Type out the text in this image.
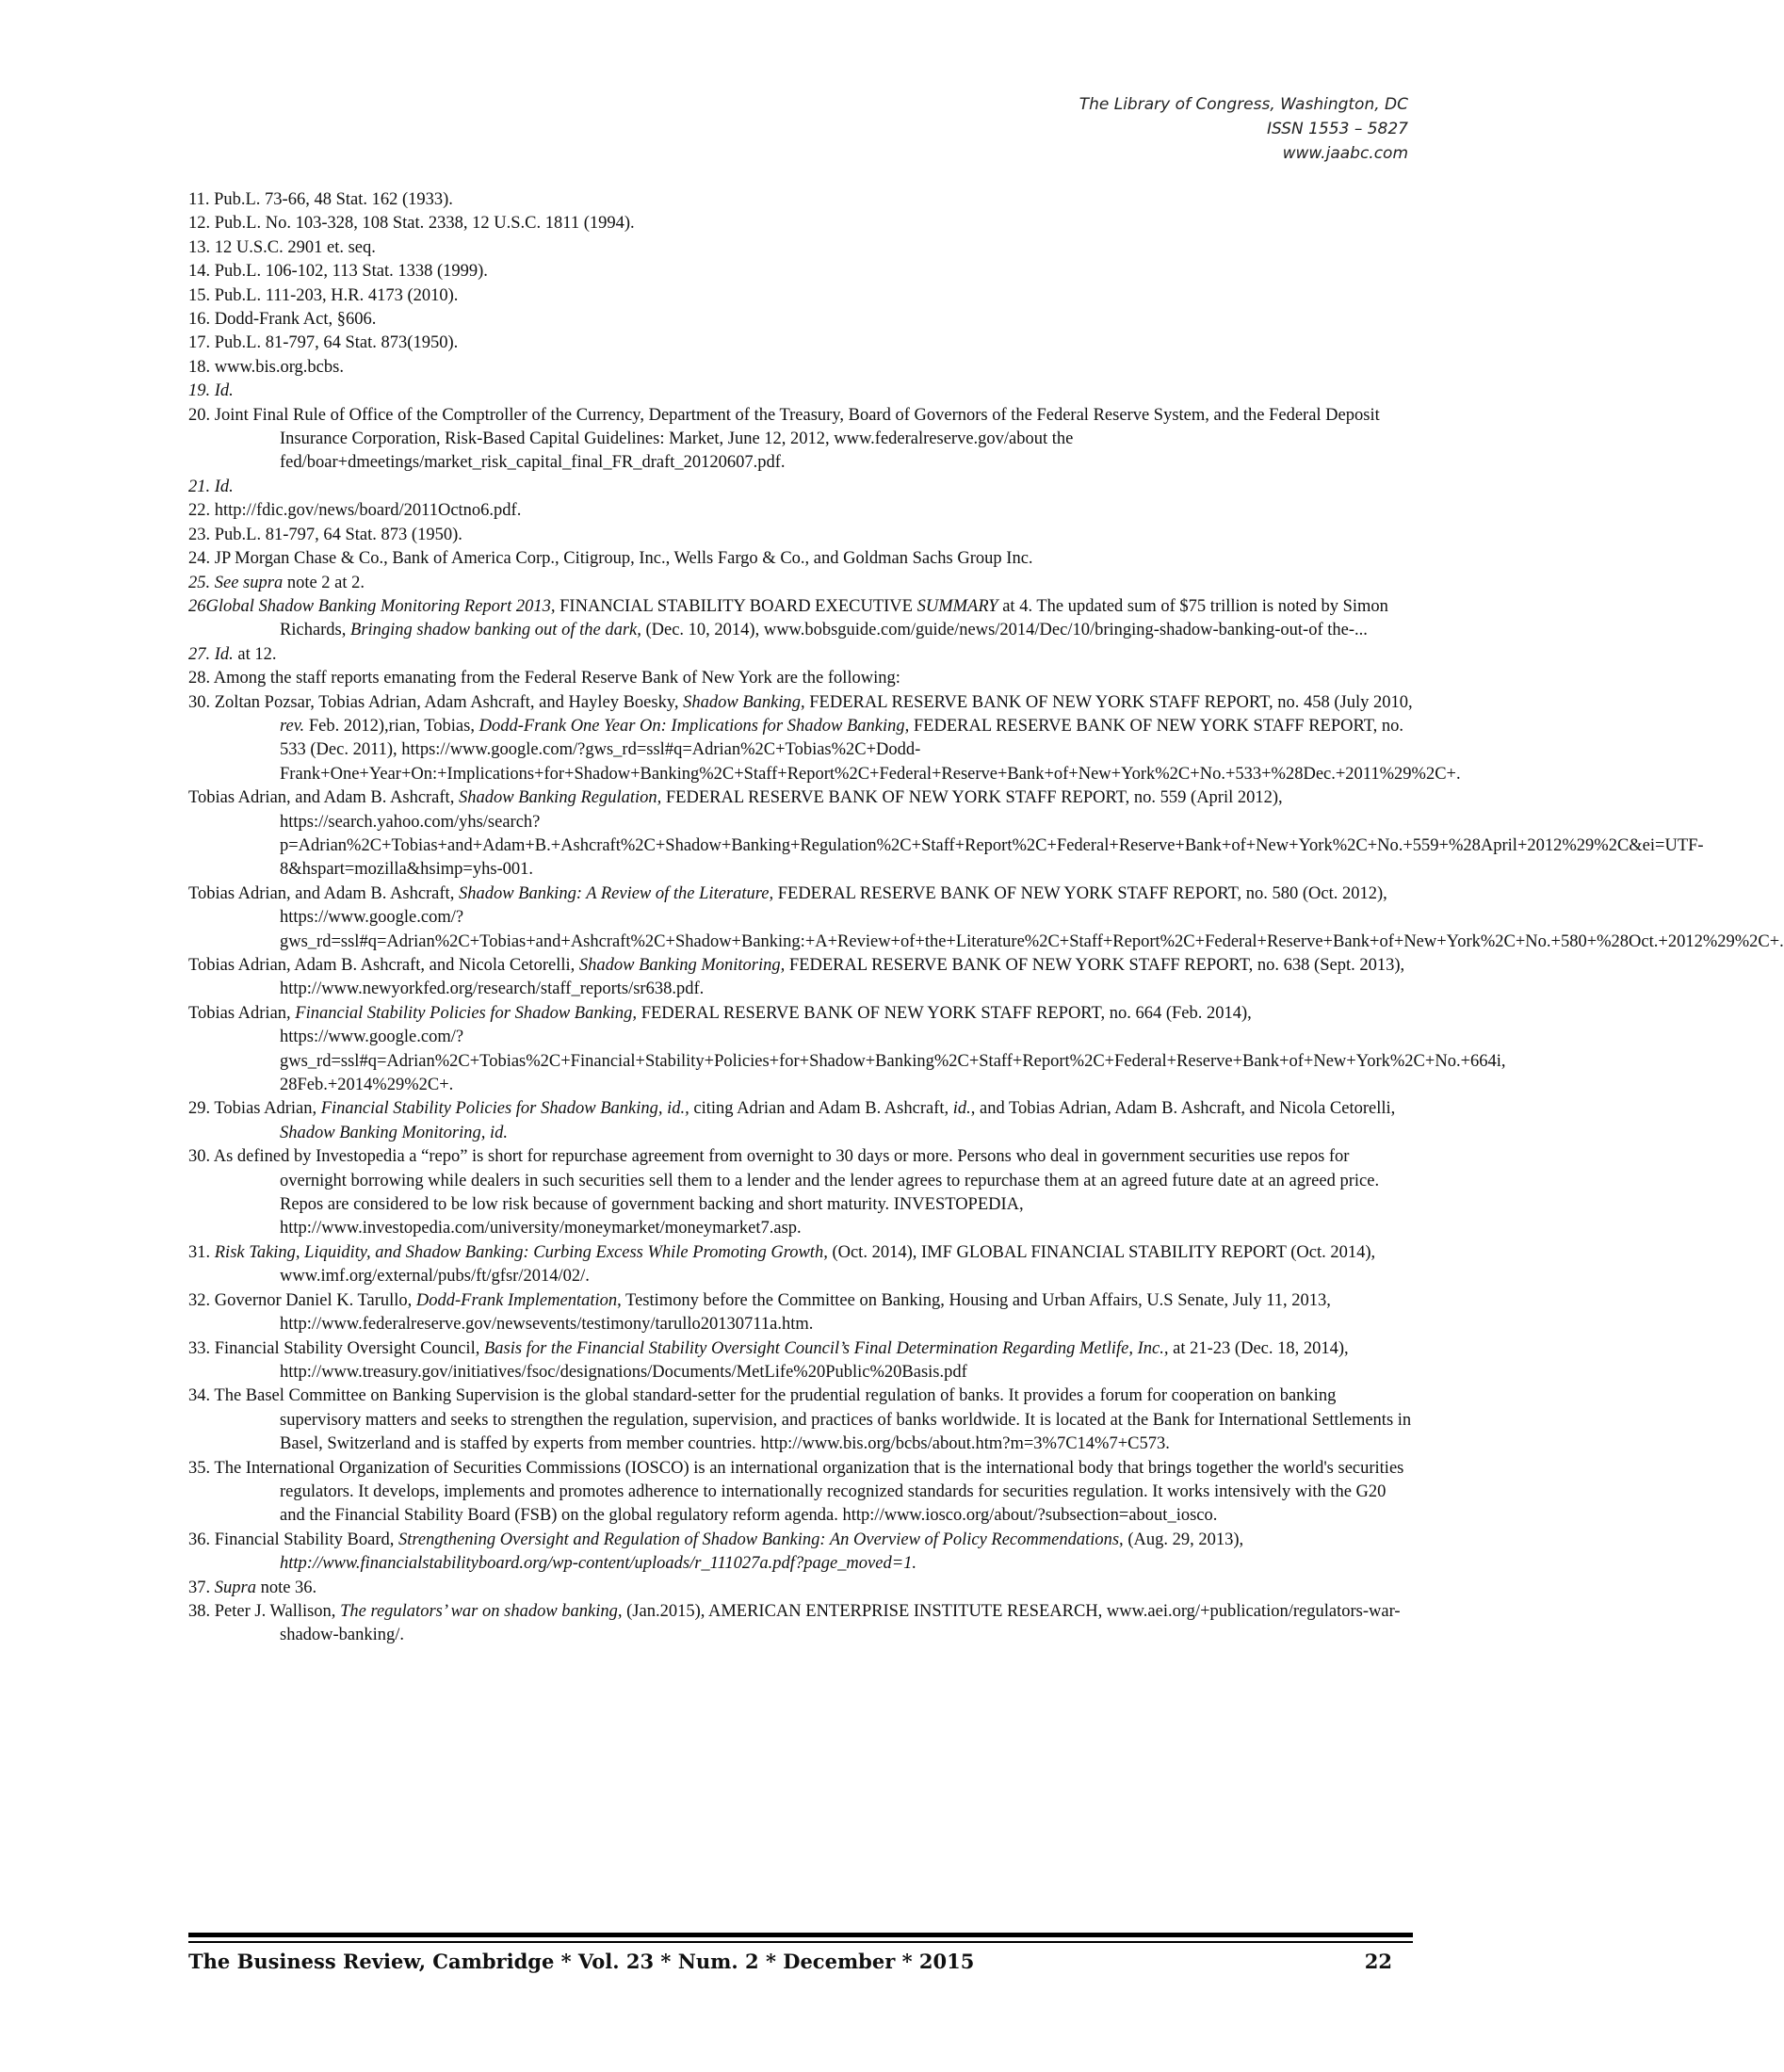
The Library of Congress, Washington, DC
ISSN 1553 – 5827
www.jaabc.com

11. Pub.L. 73-66, 48 Stat. 162 (1933).

12. Pub.L. No. 103-328, 108 Stat. 2338, 12 U.S.C. 1811 (1994).

13. 12 U.S.C. 2901 et. seq.

14. Pub.L. 106-102, 113 Stat. 1338 (1999).

15. Pub.L. 111-203, H.R. 4173 (2010).

16. Dodd-Frank Act, §606.

17. Pub.L. 81-797, 64 Stat. 873(1950).

18. www.bis.org.bcbs.

19. Id.

20. Joint Final Rule of Office of the Comptroller of the Currency, Department of the Treasury, Board of Governors of the Federal Reserve System, and the Federal Deposit Insurance Corporation, Risk-Based Capital Guidelines: Market, June 12, 2012, www.federalreserve.gov/about the fed/boar+dmeetings/market_risk_capital_final_FR_draft_20120607.pdf.

21. Id.

22. http://fdic.gov/news/board/2011Octno6.pdf.

23. Pub.L. 81-797, 64 Stat. 873 (1950).

24. JP Morgan Chase & Co., Bank of America Corp., Citigroup, Inc., Wells Fargo & Co., and Goldman Sachs Group Inc.

25. See supra note 2 at 2.

26Global Shadow Banking Monitoring Report 2013, FINANCIAL STABILITY BOARD EXECUTIVE SUMMARY at 4. The updated sum of $75 trillion is noted by Simon Richards, Bringing shadow banking out of the dark, (Dec. 10, 2014), www.bobsguide.com/guide/news/2014/Dec/10/bringing-shadow-banking-out-of the-...

27. Id. at 12.

28. Among the staff reports emanating from the Federal Reserve Bank of New York are the following:

30. Zoltan Pozsar, Tobias Adrian, Adam Ashcraft, and Hayley Boesky, Shadow Banking, FEDERAL RESERVE BANK OF NEW YORK STAFF REPORT, no. 458 (July 2010, rev. Feb. 2012),rian, Tobias, Dodd-Frank One Year On: Implications for Shadow Banking, FEDERAL RESERVE BANK OF NEW YORK STAFF REPORT, no. 533 (Dec. 2011), https://www.google.com/?gws_rd=ssl#q=Adrian%2C+Tobias%2C+Dodd-Frank+One+Year+On:+Implications+for+Shadow+Banking%2C+Staff+Report%2C+Federal+Reserve+Bank+of+New+York%2C+No.+533+%28Dec.+2011%29%2C+.

Tobias Adrian, and Adam B. Ashcraft, Shadow Banking Regulation, FEDERAL RESERVE BANK OF NEW YORK STAFF REPORT, no. 559 (April 2012), https://search.yahoo.com/yhs/search?p=Adrian%2C+Tobias+and+Adam+B.+Ashcraft%2C+Shadow+Banking+Regulation%2C+Staff+Report%2C+Federal+Reserve+Bank+of+New+York%2C+No.+559+%28April+2012%29%2C&ei=UTF-8&hspart=mozilla&hsimp=yhs-001.

Tobias Adrian, and Adam B. Ashcraft, Shadow Banking: A Review of the Literature, FEDERAL RESERVE BANK OF NEW YORK STAFF REPORT, no. 580 (Oct. 2012), https://www.google.com/?gws_rd=ssl#q=Adrian%2C+Tobias+and+Ashcraft%2C+Shadow+Banking:+A+Review+of+the+Literature%2C+Staff+Report%2C+Federal+Reserve+Bank+of+New+York%2C+No.+580+%28Oct.+2012%29%2C+.

Tobias Adrian, Adam B. Ashcraft, and Nicola Cetorelli, Shadow Banking Monitoring, FEDERAL RESERVE BANK OF NEW YORK STAFF REPORT, no. 638 (Sept. 2013), http://www.newyorkfed.org/research/staff_reports/sr638.pdf.

Tobias Adrian, Financial Stability Policies for Shadow Banking, FEDERAL RESERVE BANK OF NEW YORK STAFF REPORT, no. 664 (Feb. 2014), https://www.google.com/?gws_rd=ssl#q=Adrian%2C+Tobias%2C+Financial+Stability+Policies+for+Shadow+Banking%2C+Staff+Report%2C+Federal+Reserve+Bank+of+New+York%2C+No.+664i, 28Feb.+2014%29%2C+.

29. Tobias Adrian, Financial Stability Policies for Shadow Banking, id., citing Adrian and Adam B. Ashcraft, id., and Tobias Adrian, Adam B. Ashcraft, and Nicola Cetorelli, Shadow Banking Monitoring, id.

30. As defined by Investopedia a “repo” is short for repurchase agreement from overnight to 30 days or more. Persons who deal in government securities use repos for overnight borrowing while dealers in such securities sell them to a lender and the lender agrees to repurchase them at an agreed future date at an agreed price. Repos are considered to be low risk because of government backing and short maturity. INVESTOPEDIA, http://www.investopedia.com/university/moneymarket/moneymarket7.asp.

31. Risk Taking, Liquidity, and Shadow Banking: Curbing Excess While Promoting Growth, (Oct. 2014), IMF GLOBAL FINANCIAL STABILITY REPORT (Oct. 2014), www.imf.org/external/pubs/ft/gfsr/2014/02/.

32. Governor Daniel K. Tarullo, Dodd-Frank Implementation, Testimony before the Committee on Banking, Housing and Urban Affairs, U.S Senate, July 11, 2013, http://www.federalreserve.gov/newsevents/testimony/tarullo20130711a.htm.

33. Financial Stability Oversight Council, Basis for the Financial Stability Oversight Council’s Final Determination Regarding Metlife, Inc., at 21-23 (Dec. 18, 2014), http://www.treasury.gov/initiatives/fsoc/designations/Documents/MetLife%20Public%20Basis.pdf

34. The Basel Committee on Banking Supervision is the global standard-setter for the prudential regulation of banks. It provides a forum for cooperation on banking supervisory matters and seeks to strengthen the regulation, supervision, and practices of banks worldwide. It is located at the Bank for International Settlements in Basel, Switzerland and is staffed by experts from member countries. http://www.bis.org/bcbs/about.htm?m=3%7C14%7+C573.

35. The International Organization of Securities Commissions (IOSCO) is an international organization that is the international body that brings together the world's securities regulators. It develops, implements and promotes adherence to internationally recognized standards for securities regulation. It works intensively with the G20 and the Financial Stability Board (FSB) on the global regulatory reform agenda. http://www.iosco.org/about/?subsection=about_iosco.

36. Financial Stability Board, Strengthening Oversight and Regulation of Shadow Banking: An Overview of Policy Recommendations, (Aug. 29, 2013), http://www.financialstabilityboard.org/wp-content/uploads/r_111027a.pdf?page_moved=1.

37. Supra note 36.

38. Peter J. Wallison, The regulators’ war on shadow banking, (Jan.2015), AMERICAN ENTERPRISE INSTITUTE RESEARCH, www.aei.org/+publication/regulators-war-shadow-banking/.

The Business Review, Cambridge * Vol. 23 * Num. 2 * December * 2015	22
